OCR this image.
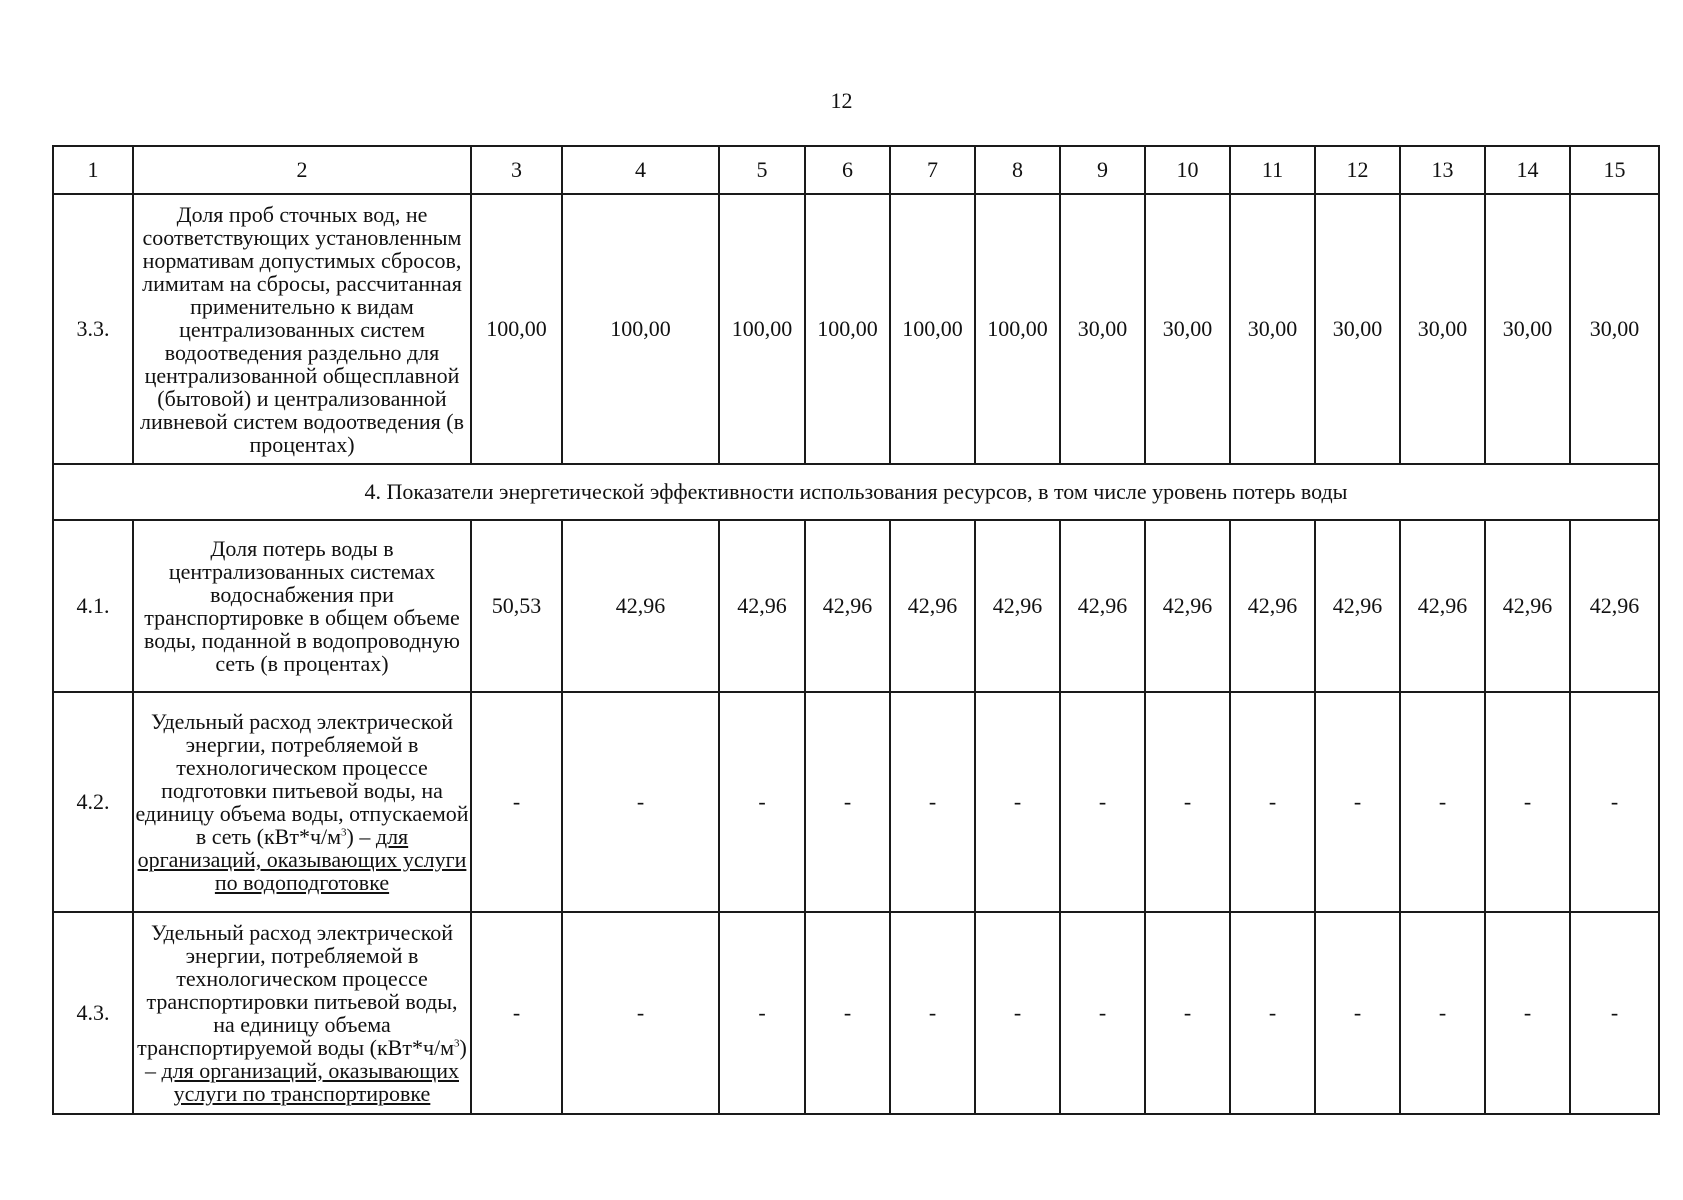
12
1	2	3	4	5	6	7	8	9	10	11	12	13	14	15
3.3.	Доля проб сточных вод, не соответствующих установленным нормативам допустимых сбросов, лимитам на сбросы, рассчитанная применительно к видам централизованных систем водоотведения раздельно для централизованной общесплавной (бытовой) и централизованной ливневой систем водоотведения (в процентах)	100,00	100,00	100,00	100,00	100,00	100,00	30,00	30,00	30,00	30,00	30,00	30,00	30,00
4. Показатели энергетической эффективности использования ресурсов, в том числе уровень потерь воды														
4.1.	Доля потерь воды в централизованных системах водоснабжения при транспортировке в общем объеме воды, поданной в водопроводную сеть (в процентах)	50,53	42,96	42,96	42,96	42,96	42,96	42,96	42,96	42,96	42,96	42,96	42,96	42,96
4.2.	Удельный расход электрической энергии, потребляемой в технологическом процессе подготовки питьевой воды, на единицу объема воды, отпускаемой в сеть $(кВт*ч/м^3)$ – для организаций, оказывающих услуги по водоподготовке	-	-	-	-	-	-	-	-	-	-	-	-	-
4.3.	Удельный расход электрической энергии, потребляемой в технологическом процессе транспортировки питьевой воды, на единицу объема транспортируемой воды $(кВт*ч/м^3)$ – для организаций, оказывающих услуги по транспортировке	-	-	-	-	-	-	-	-	-	-	-	-	-
